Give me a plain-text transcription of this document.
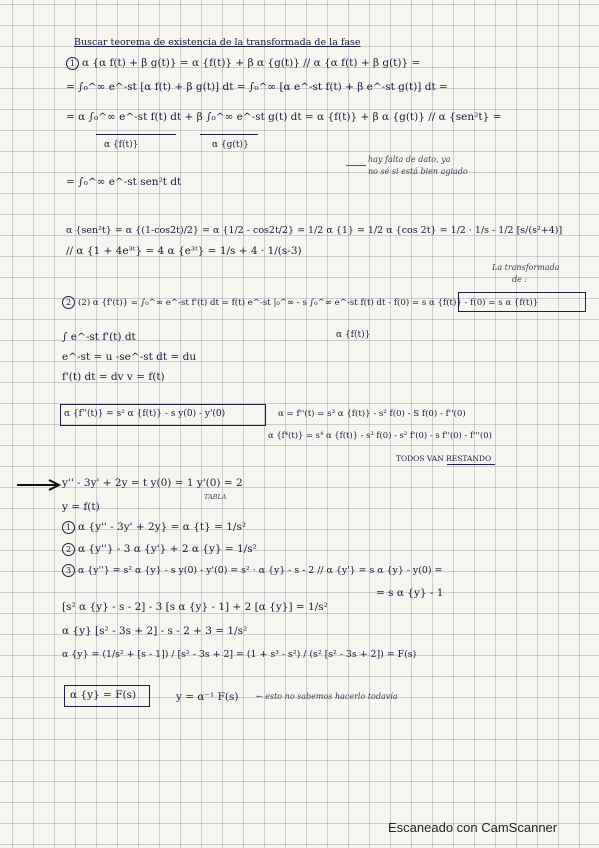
Buscar teorema de existencia de la transformada de la fase
1 α {α f(t) + β g(t)} = α {f(t)} + β α {g(t)} // α {α f(t) + β g(t)} =
= ∫₀^∞ e^-st [α f(t) + β g(t)] dt = ∫₀^∞ [α e^-st f(t) + β e^-st g(t)] dt =
= α ∫₀^∞ e^-st f(t) dt + β ∫₀^∞ e^-st g(t) dt = α {f(t)} + β α {g(t)} // α {sen²t} =
α {f(t)}	α {g(t)}
hay falta de dato, ya
no sé si está bien agiado
= ∫₀^∞ e^-st sen²t dt
α {sen²t} = α {(1-cos2t)/2} = α {1/2 - cos2t/2} = 1/2 α {1} = 1/2 α {cos 2t} = 1/2 · 1/s - 1/2 [s/(s²+4)]
// α {1 + 4e³ᵗ} = 4 α {e³ᵗ} = 1/s + 4 · 1/(s-3)
La transformada
de :
2 (2) α {f'(t)} = ∫₀^∞ e^-st f'(t) dt = f(t) e^-st |₀^∞ - s ∫₀^∞ e^-st f(t) dt - f(0) = s α {f(t)} - f(0) = s α {f(t)}
α {f(t)}
∫ e^-st f'(t) dt
e^-st = u -se^-st dt = du
f'(t) dt = dv v = f(t)
α {f''(t)} = s² α {f(t)} - s y(0) - y'(0)	α = f''(t) = s³ α {f(t)} - s² f(0) - S f(0) - f''(0)
α {f⁴(t)} = s⁴ α {f(t)} - s³ f(0) - s² f'(0) - s f''(0) - f'''(0)
TODOS VAN RESTANDO
y'' - 3y' + 2y = t y(0) = 1 y'(0) = 2
y = f(t)
TABLA
1 α {y'' - 3y' + 2y} = α {t} = 1/s²
2 α {y''} - 3 α {y'} + 2 α {y} = 1/s²
3 α {y''} = s² α {y} - s y(0) - y'(0) = s² · α {y} - s - 2 // α {y'} = s α {y} - y(0) =
= s α {y} - 1
[s² α {y} - s - 2] - 3 [s α {y} - 1] + 2 [α {y}] = 1/s²
α {y} [s² - 3s + 2] - s - 2 + 3 = 1/s²
α {y} = (1/s² + [s - 1]) / [s² - 3s + 2] = (1 + s³ - s²) / (s² [s² - 3s + 2]) = F(s)
α {y} = F(s)	y = α⁻¹ F(s) ← esto no sabemos hacerlo todavía
Escaneado con CamScanner
